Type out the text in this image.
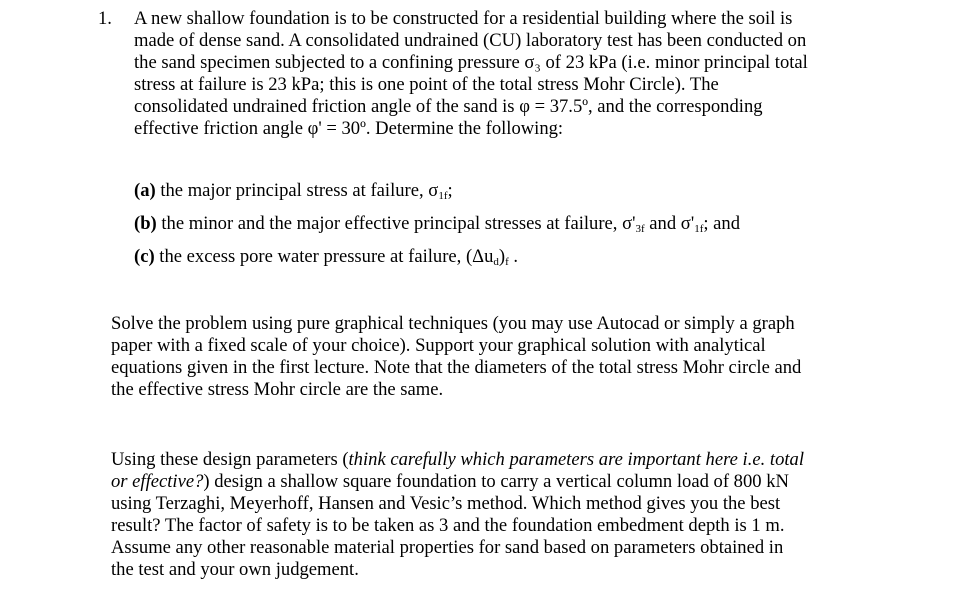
1. A new shallow foundation is to be constructed for a residential building where the soil is
made of dense sand. A consolidated undrained (CU) laboratory test has been conducted on
the sand specimen subjected to a confining pressure σ₃ of 23 kPa (i.e. minor principal total
stress at failure is 23 kPa; this is one point of the total stress Mohr Circle). The
consolidated undrained friction angle of the sand is φ = 37.5º, and the corresponding
effective friction angle φ' = 30º. Determine the following:
(a) the major principal stress at failure, $\sigma_{1f}$;
(b) the minor and the major effective principal stresses at failure, $\sigma'_{3f}$ and $\sigma'_{1f}$; and
(c) the excess pore water pressure at failure, $(\Delta u_d)_f$ .
Solve the problem using pure graphical techniques (you may use Autocad or simply a graph
paper with a fixed scale of your choice). Support your graphical solution with analytical
equations given in the first lecture. Note that the diameters of the total stress Mohr circle and
the effective stress Mohr circle are the same.
Using these design parameters (think carefully which parameters are important here i.e. total
or effective?) design a shallow square foundation to carry a vertical column load of 800 kN
using Terzaghi, Meyerhoff, Hansen and Vesic’s method. Which method gives you the best
result? The factor of safety is to be taken as 3 and the foundation embedment depth is 1 m.
Assume any other reasonable material properties for sand based on parameters obtained in
the test and your own judgement.
